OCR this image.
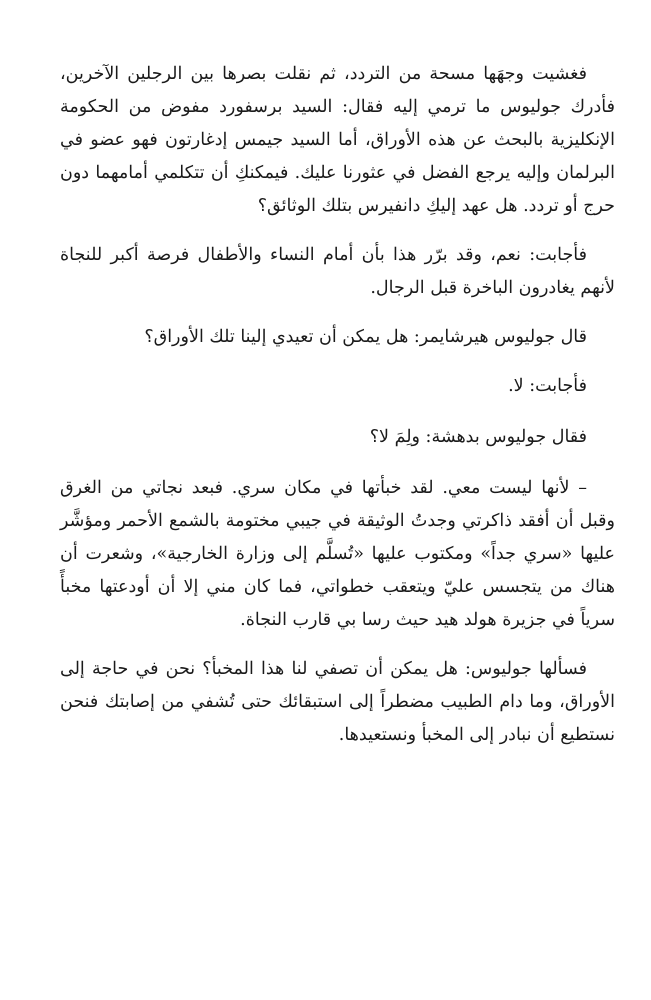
فغشيت وجهَها مسحة من التردد، ثم نقلت بصرها بين الرجلين الآخرين، فأدرك جوليوس ما ترمي إليه فقال: السيد برسفورد مفوض من الحكومة الإنكليزية بالبحث عن هذه الأوراق، أما السيد جيمس إدغارتون فهو عضو في البرلمان وإليه يرجع الفضل في عثورنا عليك. فيمكنكِ أن تتكلمي أمامهما دون حرج أو تردد. هل عهد إليكِ دانفيرس بتلك الوثائق؟

فأجابت: نعم، وقد برّر هذا بأن أمام النساء والأطفال فرصة أكبر للنجاة لأنهم يغادرون الباخرة قبل الرجال.

قال جوليوس هيرشايمر: هل يمكن أن تعيدي إلينا تلك الأوراق؟

فأجابت: لا.

فقال جوليوس بدهشة: ولِمَ لا؟

– لأنها ليست معي. لقد خبأتها في مكان سري. فبعد نجاتي من الغرق وقبل أن أفقد ذاكرتي وجدتُ الوثيقة في جيبي مختومة بالشمع الأحمر ومؤشَّر عليها «سري جداً» ومكتوب عليها «تُسلَّم إلى وزارة الخارجية»، وشعرت أن هناك من يتجسس عليّ ويتعقب خطواتي، فما كان مني إلا أن أودعتها مخبأً سرياً في جزيرة هولد هيد حيث رسا بي قارب النجاة.

فسألها جوليوس: هل يمكن أن تصفي لنا هذا المخبأ؟ نحن في حاجة إلى الأوراق، وما دام الطبيب مضطراً إلى استبقائك حتى تُشفي من إصابتك فنحن نستطيع أن نبادر إلى المخبأ ونستعيدها.
